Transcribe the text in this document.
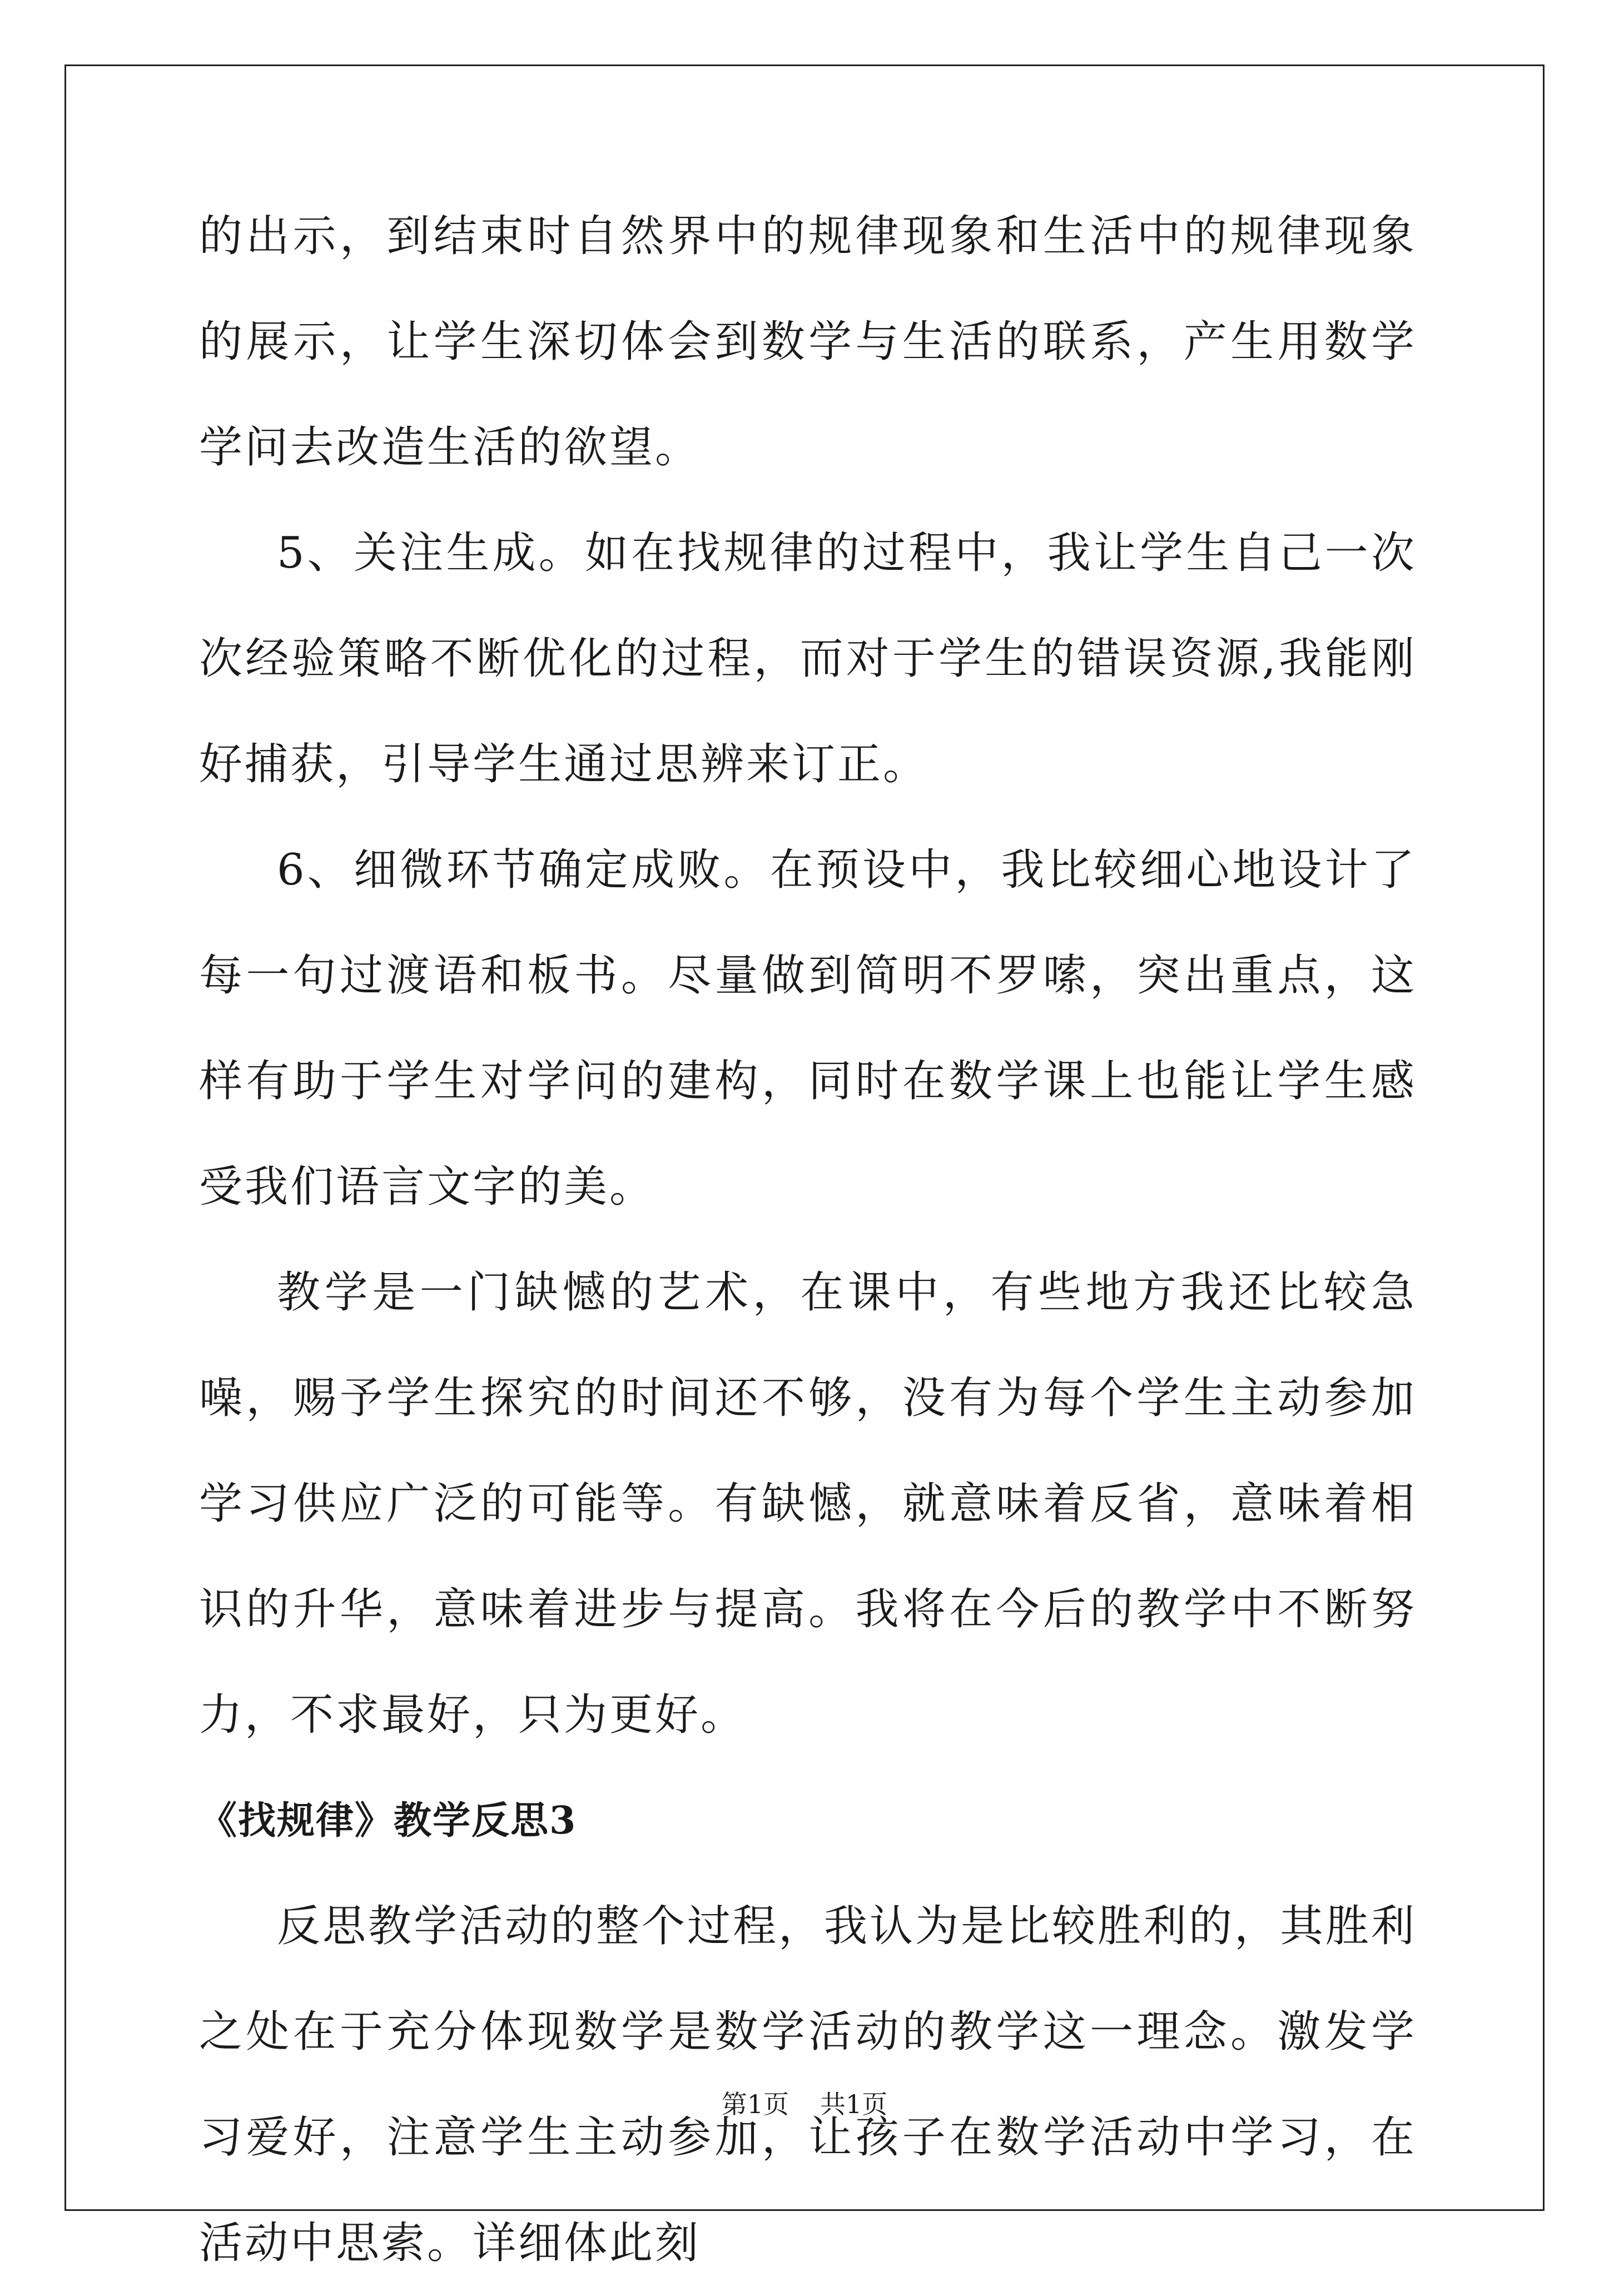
的出示，到结束时自然界中的规律现象和生活中的规律现象的展示，让学生深切体会到数学与生活的联系，产生用数学学问去改造生活的欲望。

5、关注生成。如在找规律的过程中，我让学生自己一次次经验策略不断优化的过程，而对于学生的错误资源,我能刚好捕获，引导学生通过思辨来订正。

6、细微环节确定成败。在预设中，我比较细心地设计了每一句过渡语和板书。尽量做到简明不罗嗦，突出重点，这样有助于学生对学问的建构，同时在数学课上也能让学生感受我们语言文字的美。

教学是一门缺憾的艺术，在课中，有些地方我还比较急噪，赐予学生探究的时间还不够，没有为每个学生主动参加学习供应广泛的可能等。有缺憾，就意味着反省，意味着相识的升华，意味着进步与提高。我将在今后的教学中不断努力，不求最好，只为更好。

《找规律》教学反思3

反思教学活动的整个过程，我认为是比较胜利的，其胜利之处在于充分体现数学是数学活动的教学这一理念。激发学习爱好，注意学生主动参加，让孩子在数学活动中学习，在活动中思索。详细体此刻

第1页 共1页
